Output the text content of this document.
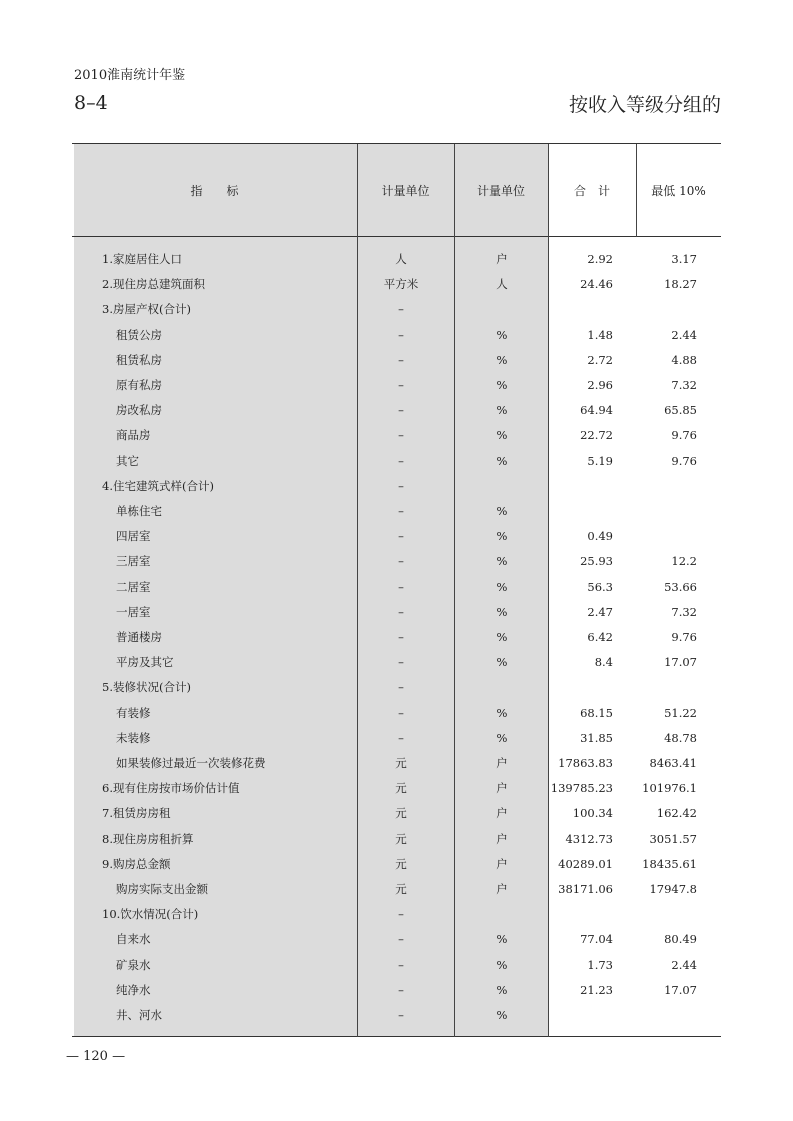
2010淮南统计年鉴
8–4	按收入等级分组的
指　　标	计量单位	计量单位	合　计	最低 10%
1.家庭居住人口	人	户	2.92	3.17
2.现住房总建筑面积	平方米	人	24.46	18.27
3.房屋产权(合计)	–
租赁公房	–	%	1.48	2.44
租赁私房	–	%	2.72	4.88
原有私房	–	%	2.96	7.32
房改私房	–	%	64.94	65.85
商品房	–	%	22.72	9.76
其它	–	%	5.19	9.76
4.住宅建筑式样(合计)	–
单栋住宅	–	%
四居室	–	%	0.49
三居室	–	%	25.93	12.2
二居室	–	%	56.3	53.66
一居室	–	%	2.47	7.32
普通楼房	–	%	6.42	9.76
平房及其它	–	%	8.4	17.07
5.装修状况(合计)	–
有装修	–	%	68.15	51.22
未装修	–	%	31.85	48.78
如果装修过最近一次装修花费	元	户	17863.83	8463.41
6.现有住房按市场价估计值	元	户	139785.23	101976.1
7.租赁房房租	元	户	100.34	162.42
8.现住房房租折算	元	户	4312.73	3051.57
9.购房总金额	元	户	40289.01	18435.61
购房实际支出金额	元	户	38171.06	17947.8
10.饮水情况(合计)	–
自来水	–	%	77.04	80.49
矿泉水	–	%	1.73	2.44
纯净水	–	%	21.23	17.07
井、河水	–	%
— 120 —
